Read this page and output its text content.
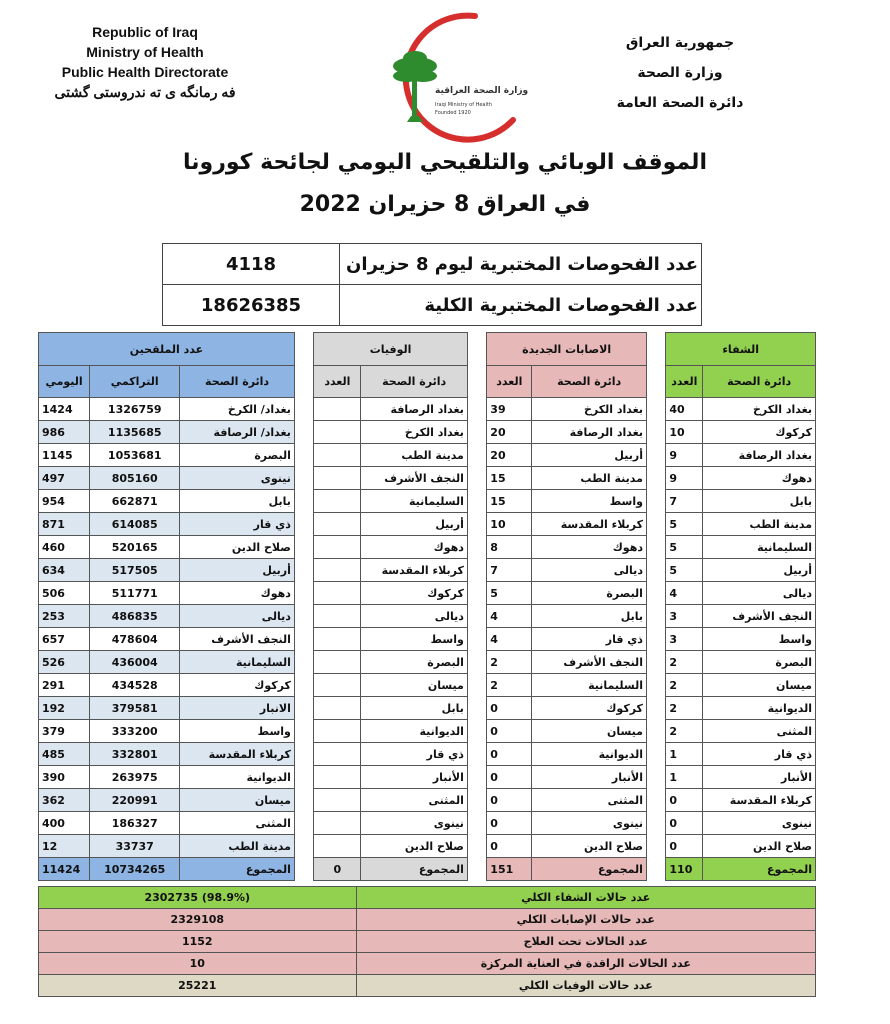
Republic of Iraq
Ministry of Health
Public Health Directorate
فه رمانگه ی ته ندروستی گشتی	وزارة الصحة العراقية
Iraqi Ministry of Health
Founded 1920
جمهورية العراق
وزارة الصحة
دائرة الصحة العامة
الموقف الوبائي والتلقيحي اليومي لجائحة كورونا
في العراق 8 حزيران 2022
4118	عدد الفحوصات المختبرية ليوم 8 حزيران
18626385	عدد الفحوصات المختبرية الكلية
عدد الملقحين				الوفيات			الاصابات الجديدة			الشفاء	
اليومي	التراكمي	دائرة الصحة		العدد	دائرة الصحة		العدد	دائرة الصحة		العدد	دائرة الصحة
1424	1326759	بغداد/ الكرخ			بغداد الرصافة		39	بغداد الكرخ		40	بغداد الكرخ
986	1135685	بغداد/ الرصافة			بغداد الكرخ		20	بغداد الرصافة		10	كركوك
1145	1053681	البصرة			مدينة الطب		20	أربيل		9	بغداد الرصافة
497	805160	نينوى			النجف الأشرف		15	مدينة الطب		9	دهوك
954	662871	بابل			السليمانية		15	واسط		7	بابل
871	614085	ذي قار			أربيل		10	كربلاء المقدسة		5	مدينة الطب
460	520165	صلاح الدين			دهوك		8	دهوك		5	السليمانية
634	517505	أربيل			كربلاء المقدسة		7	ديالى		5	أربيل
506	511771	دهوك			كركوك		5	البصرة		4	ديالى
253	486835	ديالى			ديالى		4	بابل		3	النجف الأشرف
657	478604	النجف الأشرف			واسط		4	ذي قار		3	واسط
526	436004	السليمانية			البصرة		2	النجف الأشرف		2	البصرة
291	434528	كركوك			ميسان		2	السليمانية		2	ميسان
192	379581	الانبار			بابل		0	كركوك		2	الديوانية
379	333200	واسط			الديوانية		0	ميسان		2	المثنى
485	332801	كربلاء المقدسة			ذي قار		0	الديوانية		1	ذي قار
390	263975	الديوانية			الأنبار		0	الأنبار		1	الأنبار
362	220991	ميسان			المثنى		0	المثنى		0	كربلاء المقدسة
400	186327	المثنى			نينوى		0	نينوى		0	نينوى
12	33737	مدينة الطب			صلاح الدين		0	صلاح الدين		0	صلاح الدين
11424	10734265	المجموع		0	المجموع		151	المجموع		110	المجموع
2302735 (98.9%)	عدد حالات الشفاء الكلي
2329108	عدد حالات الإصابات الكلي
1152	عدد الحالات تحت العلاج
10	عدد الحالات الراقدة في العناية المركزة
25221	عدد حالات الوفيات الكلي
